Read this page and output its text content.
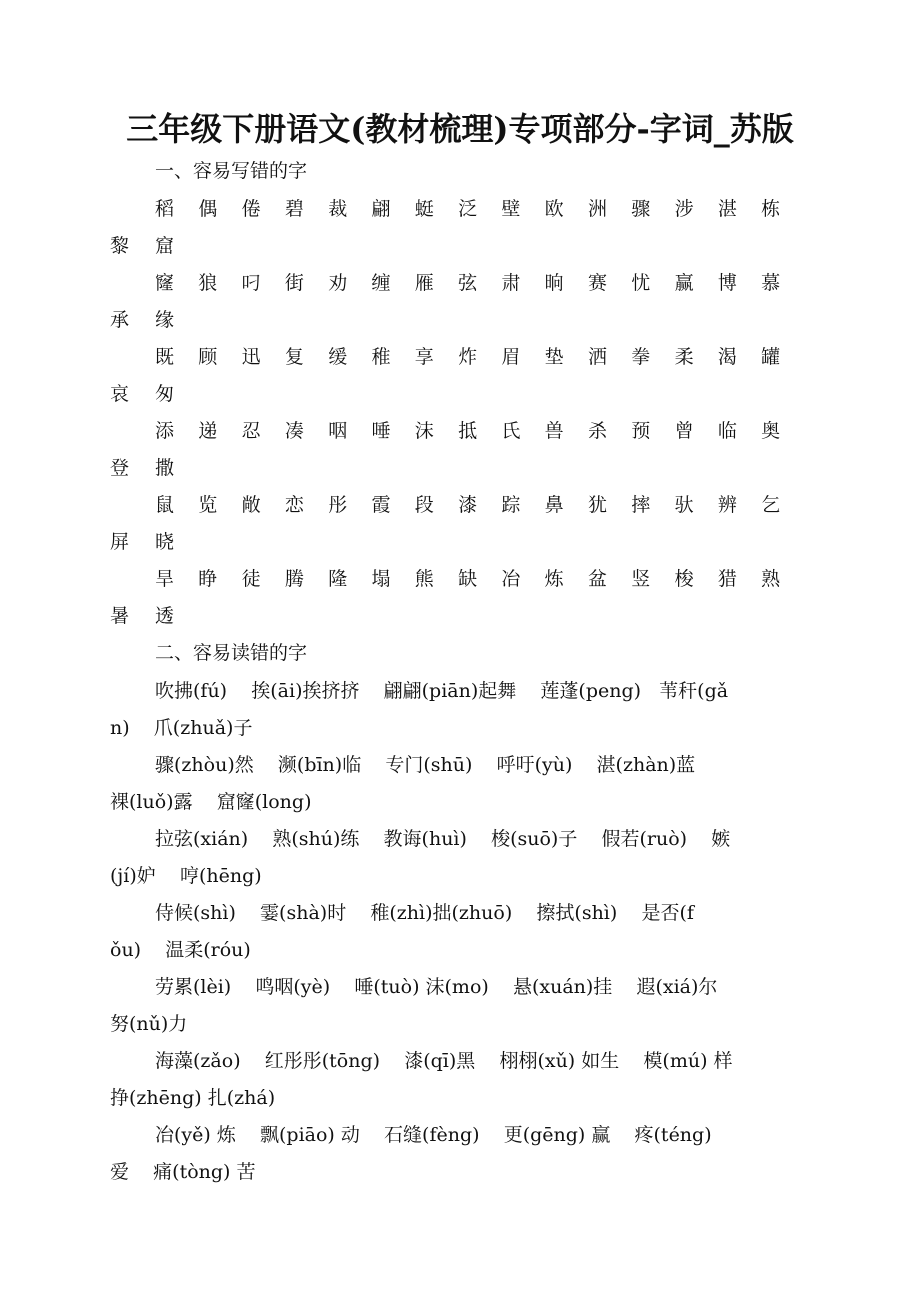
三年级下册语文(教材梳理)专项部分-字词_苏版
一、容易写错的字
稻 偶 倦 碧 裁 翩 蜓 泛 壁 欧 洲 骤 涉 湛 栋
黎 窟
窿 狼 叼 街 劝 缠 雁 弦 肃 晌 赛 忧 赢 博 慕
承 缘
既 顾 迅 复 缓 稚 享 炸 眉 垫 洒 拳 柔 渴 罐
哀 匆
添 递 忍 凑 咽 唾 沫 抵 氏 兽 杀 预 曾 临 奥
登 撒
鼠 览 敞 恋 彤 霞 段 漆 踪 鼻 犹 摔 驮 辨 乞
屏 晓
旱 睁 徒 腾 隆 塌 熊 缺 冶 炼 盆 竖 梭 猎 熟
暑 透
二、容易读错的字
吹拂(fú)    挨(āi)挨挤挤    翩翩(piān)起舞    莲蓬(peng)   苇秆(gǎ
n)    爪(zhuǎ)子
骤(zhòu)然    濒(bīn)临    专门(shū)    呼吁(yù)    湛(zhàn)蓝
裸(luǒ)露    窟窿(long)
拉弦(xián)    熟(shú)练    教诲(huì)    梭(suō)子    假若(ruò)    嫉
(jí)妒    哼(hēng)
侍候(shì)    霎(shà)时    稚(zhì)拙(zhuō)    擦拭(shì)    是否(f
ǒu)    温柔(róu)
劳累(lèi)    鸣咽(yè)    唾(tuò) 沫(mo)    悬(xuán)挂    遐(xiá)尔
努(nǔ)力
海藻(zǎo)    红彤彤(tōng)    漆(qī)黑    栩栩(xǔ) 如生    模(mú) 样
挣(zhēng) 扎(zhá)
冶(yě) 炼    飘(piāo) 动    石缝(fèng)    更(gēng) 赢    疼(téng)
爱    痛(tòng) 苦
